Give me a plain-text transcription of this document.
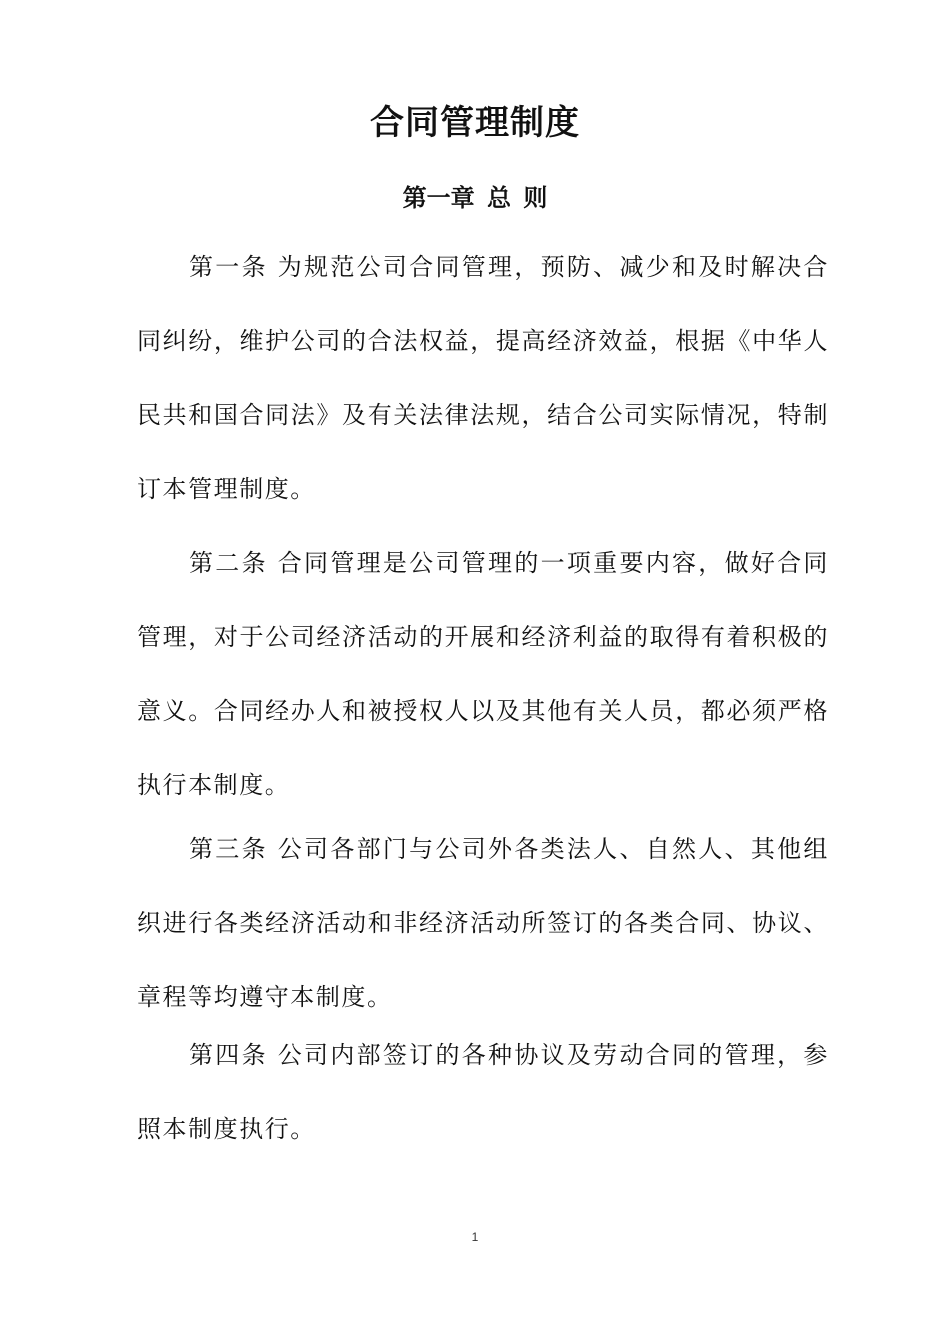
合同管理制度
第一章 总 则

第一条 为规范公司合同管理，预防、减少和及时解决合同纠纷，维护公司的合法权益，提高经济效益，根据《中华人民共和国合同法》及有关法律法规，结合公司实际情况，特制订本管理制度。

第二条 合同管理是公司管理的一项重要内容，做好合同管理，对于公司经济活动的开展和经济利益的取得有着积极的意义。合同经办人和被授权人以及其他有关人员，都必须严格执行本制度。

第三条 公司各部门与公司外各类法人、自然人、其他组织进行各类经济活动和非经济活动所签订的各类合同、协议、章程等均遵守本制度。

第四条 公司内部签订的各种协议及劳动合同的管理，参照本制度执行。

1
